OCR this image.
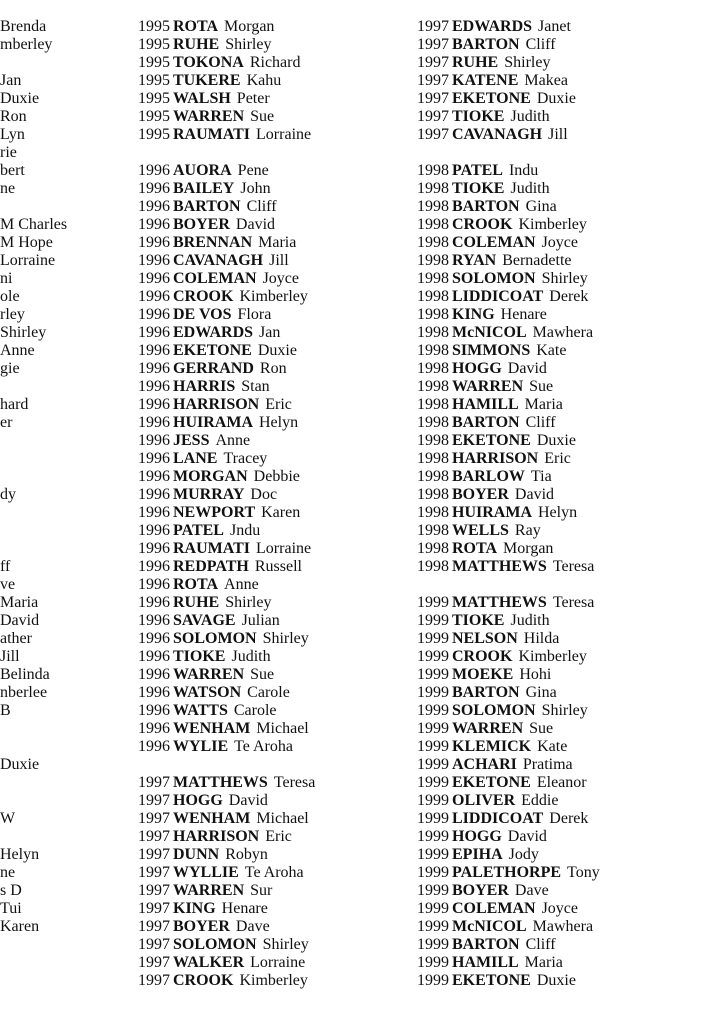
Brenda
mberley
Jan
Duxie
Ron
Lyn
rie
bert
ne
M Charles
M Hope
Lorraine
ni
ole
rley
Shirley
Anne
gie
hard
er
dy
ff
ve
Maria
David
ather
Jill
Belinda
nberlee
B
Duxie
W
Helyn
ne
s D
Tui
Karen
1995 ROTA Morgan
1995 RUHE Shirley
1995 TOKONA Richard
1995 TUKERE Kahu
1995 WALSH Peter
1995 WARREN Sue
1995 RAUMATI Lorraine
1996 AUORA Pene
1996 BAILEY John
1996 BARTON Cliff
1996 BOYER David
1996 BRENNAN Maria
1996 CAVANAGH Jill
1996 COLEMAN Joyce
1996 CROOK Kimberley
1996 DE VOS Flora
1996 EDWARDS Jan
1996 EKETONE Duxie
1996 GERRAND Ron
1996 HARRIS Stan
1996 HARRISON Eric
1996 HUIRAMA Helyn
1996 JESS Anne
1996 LANE Tracey
1996 MORGAN Debbie
1996 MURRAY Doc
1996 NEWPORT Karen
1996 PATEL Jndu
1996 RAUMATI Lorraine
1996 REDPATH Russell
1996 ROTA Anne
1996 RUHE Shirley
1996 SAVAGE Julian
1996 SOLOMON Shirley
1996 TIOKE Judith
1996 WARREN Sue
1996 WATSON Carole
1996 WATTS Carole
1996 WENHAM Michael
1996 WYLIE Te Aroha
1997 MATTHEWS Teresa
1997 HOGG David
1997 WENHAM Michael
1997 HARRISON Eric
1997 DUNN Robyn
1997 WYLLIE Te Aroha
1997 WARREN Sur
1997 KING Henare
1997 BOYER Dave
1997 SOLOMON Shirley
1997 WALKER Lorraine
1997 CROOK Kimberley
1997 EDWARDS Janet
1997 BARTON Cliff
1997 RUHE Shirley
1997 KATENE Makea
1997 EKETONE Duxie
1997 TIOKE Judith
1997 CAVANAGH Jill
1998 PATEL Indu
1998 TIOKE Judith
1998 BARTON Gina
1998 CROOK Kimberley
1998 COLEMAN Joyce
1998 RYAN Bernadette
1998 SOLOMON Shirley
1998 LIDDICOAT Derek
1998 KING Henare
1998 McNICOL Mawhera
1998 SIMMONS Kate
1998 HOGG David
1998 WARREN Sue
1998 HAMILL Maria
1998 BARTON Cliff
1998 EKETONE Duxie
1998 HARRISON Eric
1998 BARLOW Tia
1998 BOYER David
1998 HUIRAMA Helyn
1998 WELLS Ray
1998 ROTA Morgan
1998 MATTHEWS Teresa
1999 MATTHEWS Teresa
1999 TIOKE Judith
1999 NELSON Hilda
1999 CROOK Kimberley
1999 MOEKE Hohi
1999 BARTON Gina
1999 SOLOMON Shirley
1999 WARREN Sue
1999 KLEMICK Kate
1999 ACHARI Pratima
1999 EKETONE Eleanor
1999 OLIVER Eddie
1999 LIDDICOAT Derek
1999 HOGG David
1999 EPIHA Jody
1999 PALETHORPE Tony
1999 BOYER Dave
1999 COLEMAN Joyce
1999 McNICOL Mawhera
1999 BARTON Cliff
1999 HAMILL Maria
1999 EKETONE Duxie
